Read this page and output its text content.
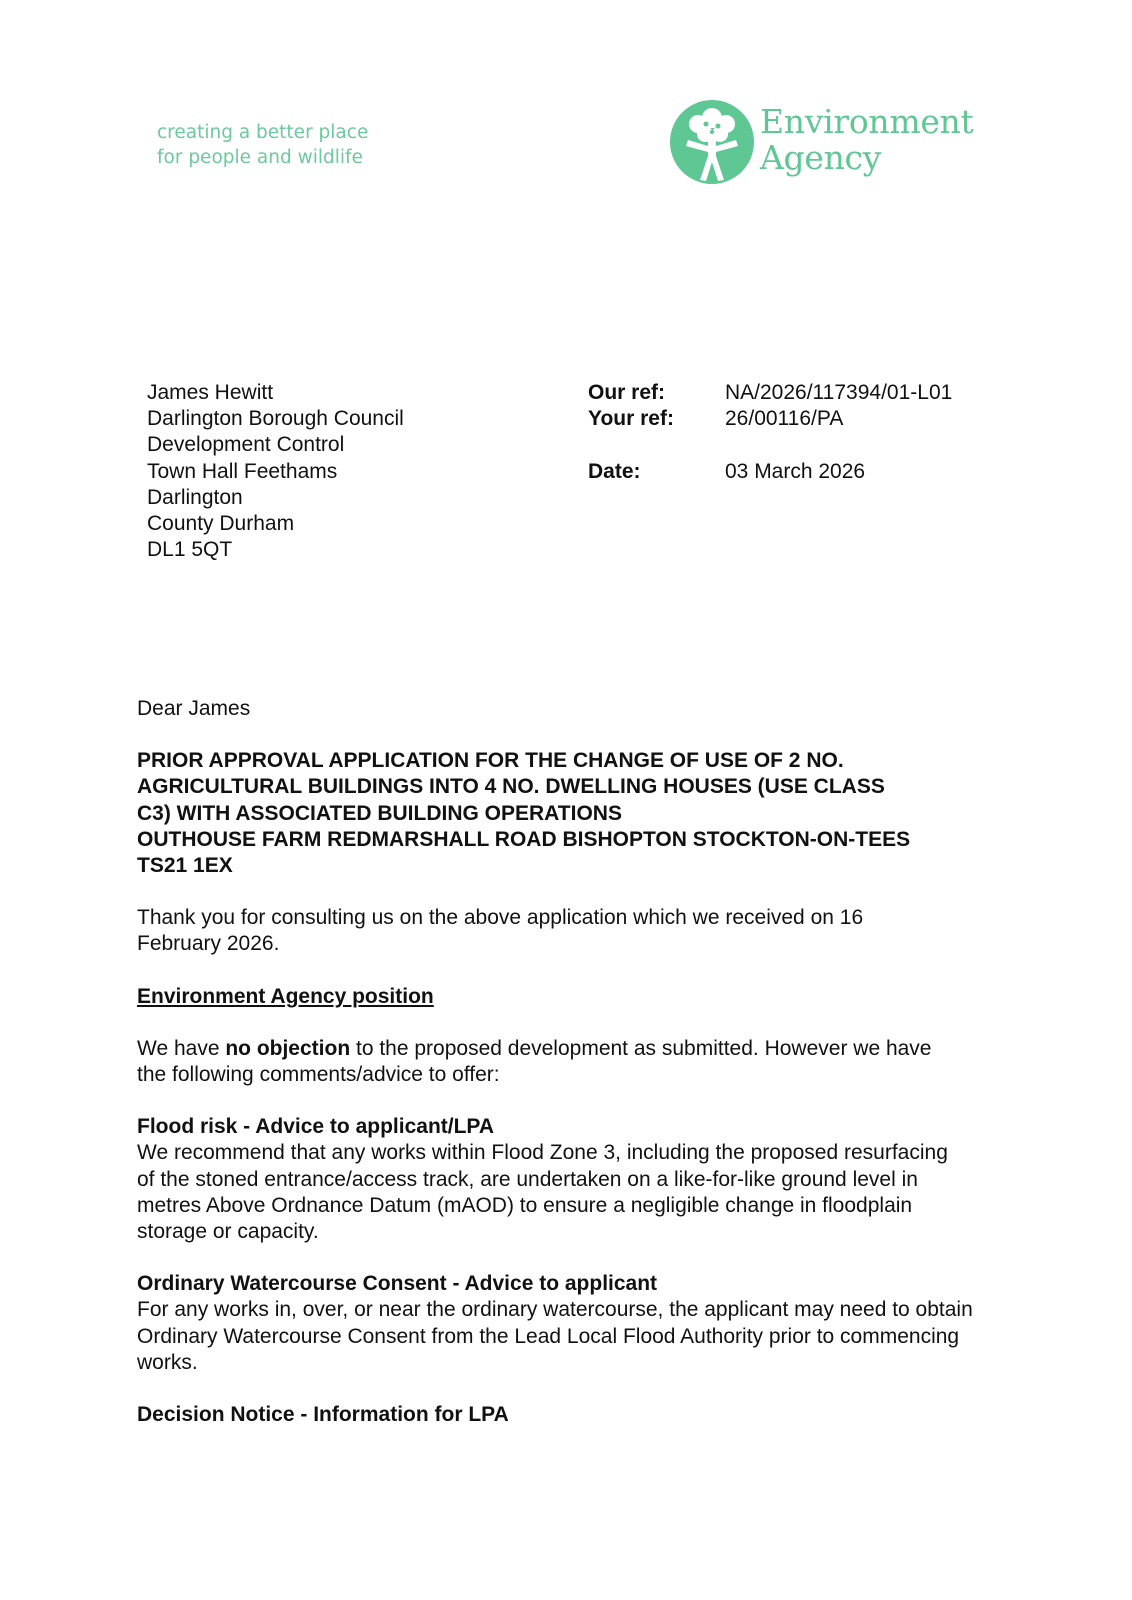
creating a better place
for people and wildlife
Environment
Agency
James Hewitt
Darlington Borough Council
Development Control
Town Hall Feethams
Darlington
County Durham
DL1 5QT
Our ref:	NA/2026/117394/01-L01
Your ref:	26/00116/PA
Date:	03 March 2026

Dear James

PRIOR APPROVAL APPLICATION FOR THE CHANGE OF USE OF 2 NO.
AGRICULTURAL BUILDINGS INTO 4 NO. DWELLING HOUSES (USE CLASS
C3) WITH ASSOCIATED BUILDING OPERATIONS
OUTHOUSE FARM REDMARSHALL ROAD BISHOPTON STOCKTON-ON-TEES
TS21 1EX

Thank you for consulting us on the above application which we received on 16 February 2026.

Environment Agency position

We have no objection to the proposed development as submitted. However we have the following comments/advice to offer:

Flood risk - Advice to applicant/LPA

We recommend that any works within Flood Zone 3, including the proposed resurfacing of the stoned entrance/access track, are undertaken on a like-for-like ground level in metres Above Ordnance Datum (mAOD) to ensure a negligible change in floodplain storage or capacity.

Ordinary Watercourse Consent - Advice to applicant

For any works in, over, or near the ordinary watercourse, the applicant may need to obtain Ordinary Watercourse Consent from the Lead Local Flood Authority prior to commencing works.

Decision Notice - Information for LPA
